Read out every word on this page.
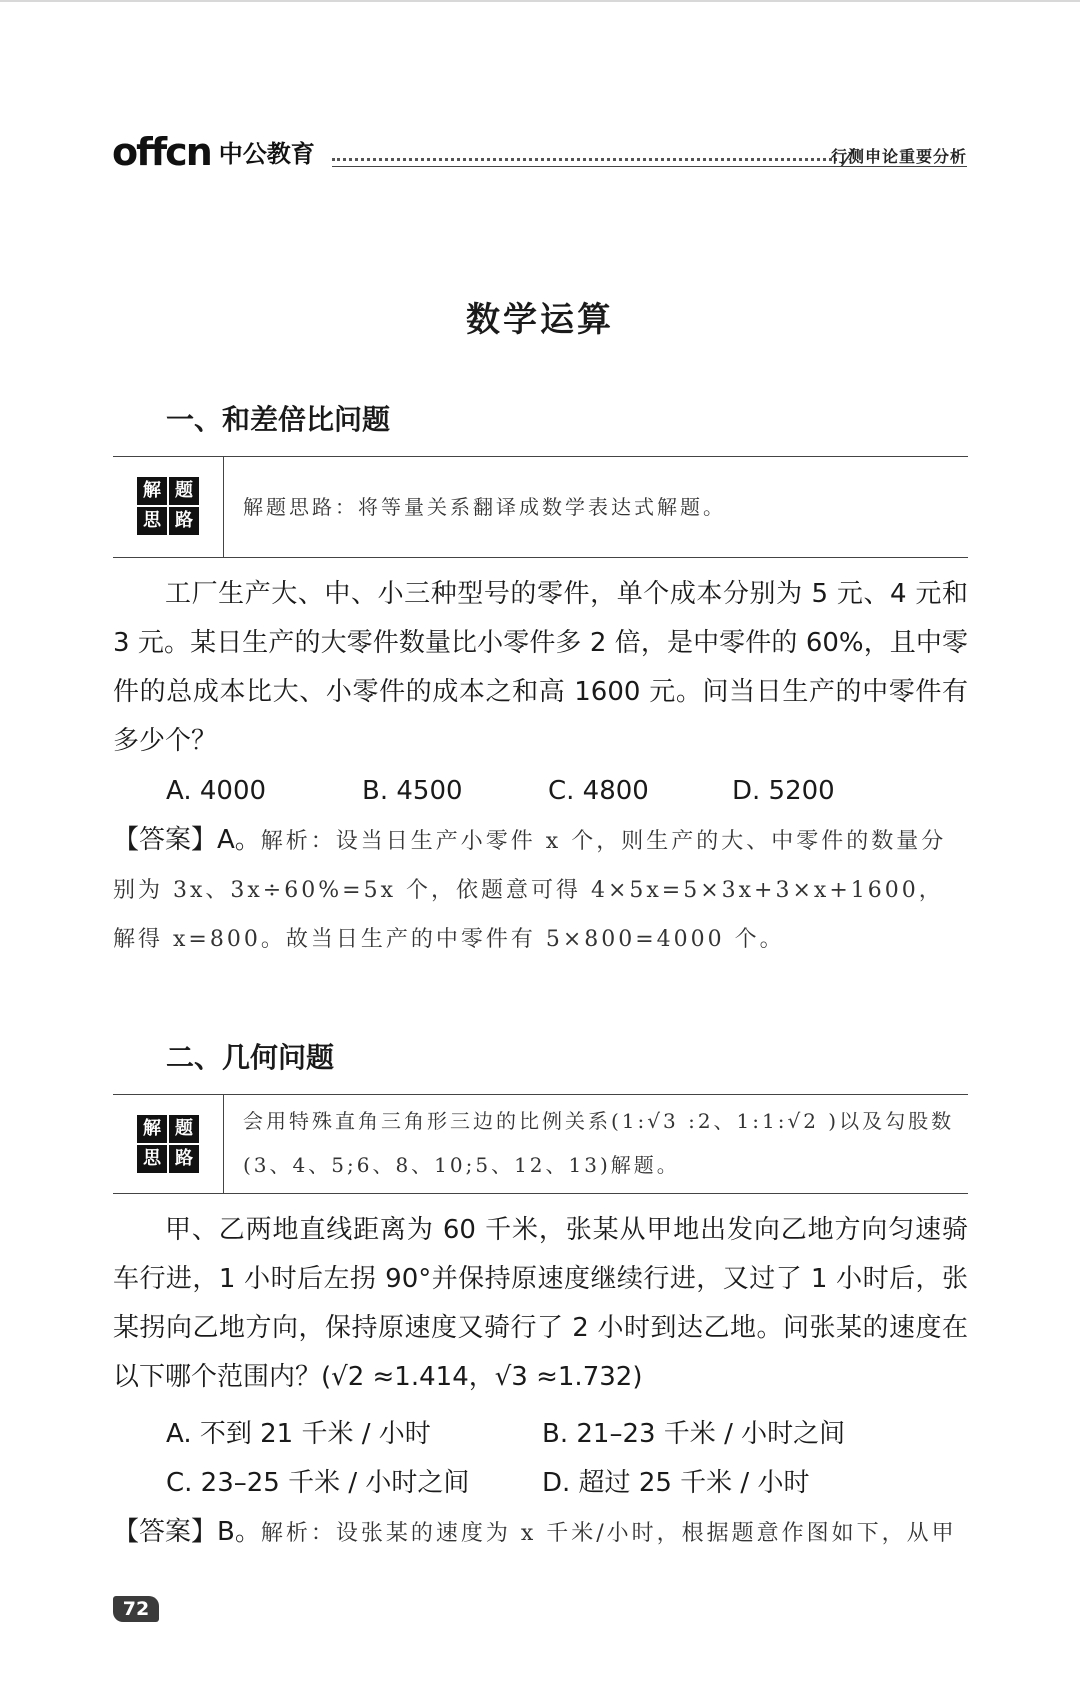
offcn 中公教育	行测申论重要分析
数学运算
一、和差倍比问题
解 题
思 路
解题思路：将等量关系翻译成数学表达式解题。

工厂生产大、中、小三种型号的零件，单个成本分别为 5 元、4 元和 3 元。某日生产的大零件数量比小零件多 2 倍，是中零件的 60%，且中零件的总成本比大、小零件的成本之和高 1600 元。问当日生产的中零件有多少个？

A. 4000	B. 4500	C. 4800	D. 5200
【答案】A。解析：设当日生产小零件 x 个，则生产的大、中零件的数量分别为 3x、3x÷60%=5x 个，依题意可得 4×5x=5×3x+3×x+1600，解得 x=800。故当日生产的中零件有 5×800=4000 个。
二、几何问题
解 题
思 路
会用特殊直角三角形三边的比例关系(1:√3 :2、1:1:√2 )以及勾股数
(3、4、5;6、8、10;5、12、13)解题。

甲、乙两地直线距离为 60 千米，张某从甲地出发向乙地方向匀速骑车行进，1 小时后左拐 90°并保持原速度继续行进，又过了 1 小时后，张某拐向乙地方向，保持原速度又骑行了 2 小时到达乙地。问张某的速度在以下哪个范围内？(√2 ≈1.414，√3 ≈1.732)

A. 不到 21 千米 / 小时	B. 21–23 千米 / 小时之间
C. 23–25 千米 / 小时之间	D. 超过 25 千米 / 小时
【答案】B。解析：设张某的速度为 x 千米/小时，根据题意作图如下，从甲
72
